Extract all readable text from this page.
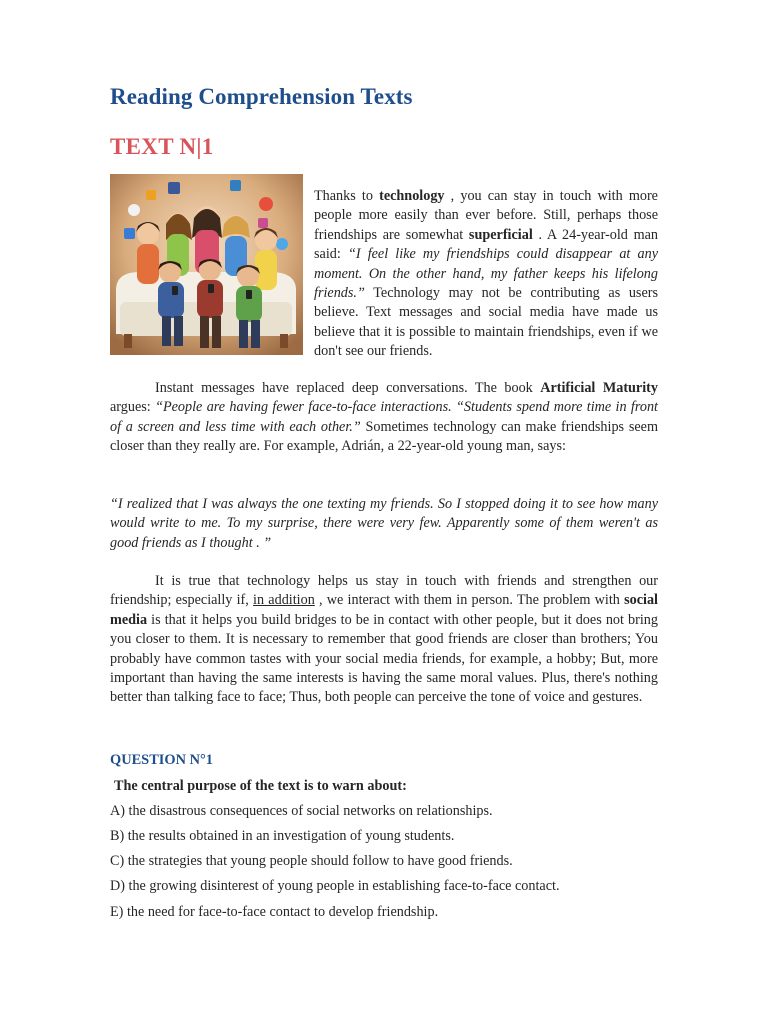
Reading Comprehension Texts
TEXT N|1

Thanks to technology , you can stay in touch with more people more easily than ever before. Still, perhaps those friendships are somewhat superficial . A 24-year-old man said: “I feel like my friendships could disappear at any moment. On the other hand, my father keeps his lifelong friends.” Technology may not be contributing as users believe. Text messages and social media have made us believe that it is possible to maintain friendships, even if we don't see our friends.

Instant messages have replaced deep conversations. The book Artificial Maturity argues: “People are having fewer face-to-face interactions. “Students spend more time in front of a screen and less time with each other.” Sometimes technology can make friendships seem closer than they really are. For example, Adrián, a 22-year-old young man, says:

“I realized that I was always the one texting my friends. So I stopped doing it to see how many would write to me. To my surprise, there were very few. Apparently some of them weren't as good friends as I thought . ”

It is true that technology helps us stay in touch with friends and strengthen our friendship; especially if, in addition , we interact with them in person. The problem with social media is that it helps you build bridges to be in contact with other people, but it does not bring you closer to them. It is necessary to remember that good friends are closer than brothers; You probably have common tastes with your social media friends, for example, a hobby; But, more important than having the same interests is having the same moral values. Plus, there's nothing better than talking face to face; Thus, both people can perceive the tone of voice and gestures.

QUESTION N°1

The central purpose of the text is to warn about:

A) the disastrous consequences of social networks on relationships.

B) the results obtained in an investigation of young students.

C) the strategies that young people should follow to have good friends.

D) the growing disinterest of young people in establishing face-to-face contact.

E) the need for face-to-face contact to develop friendship.
